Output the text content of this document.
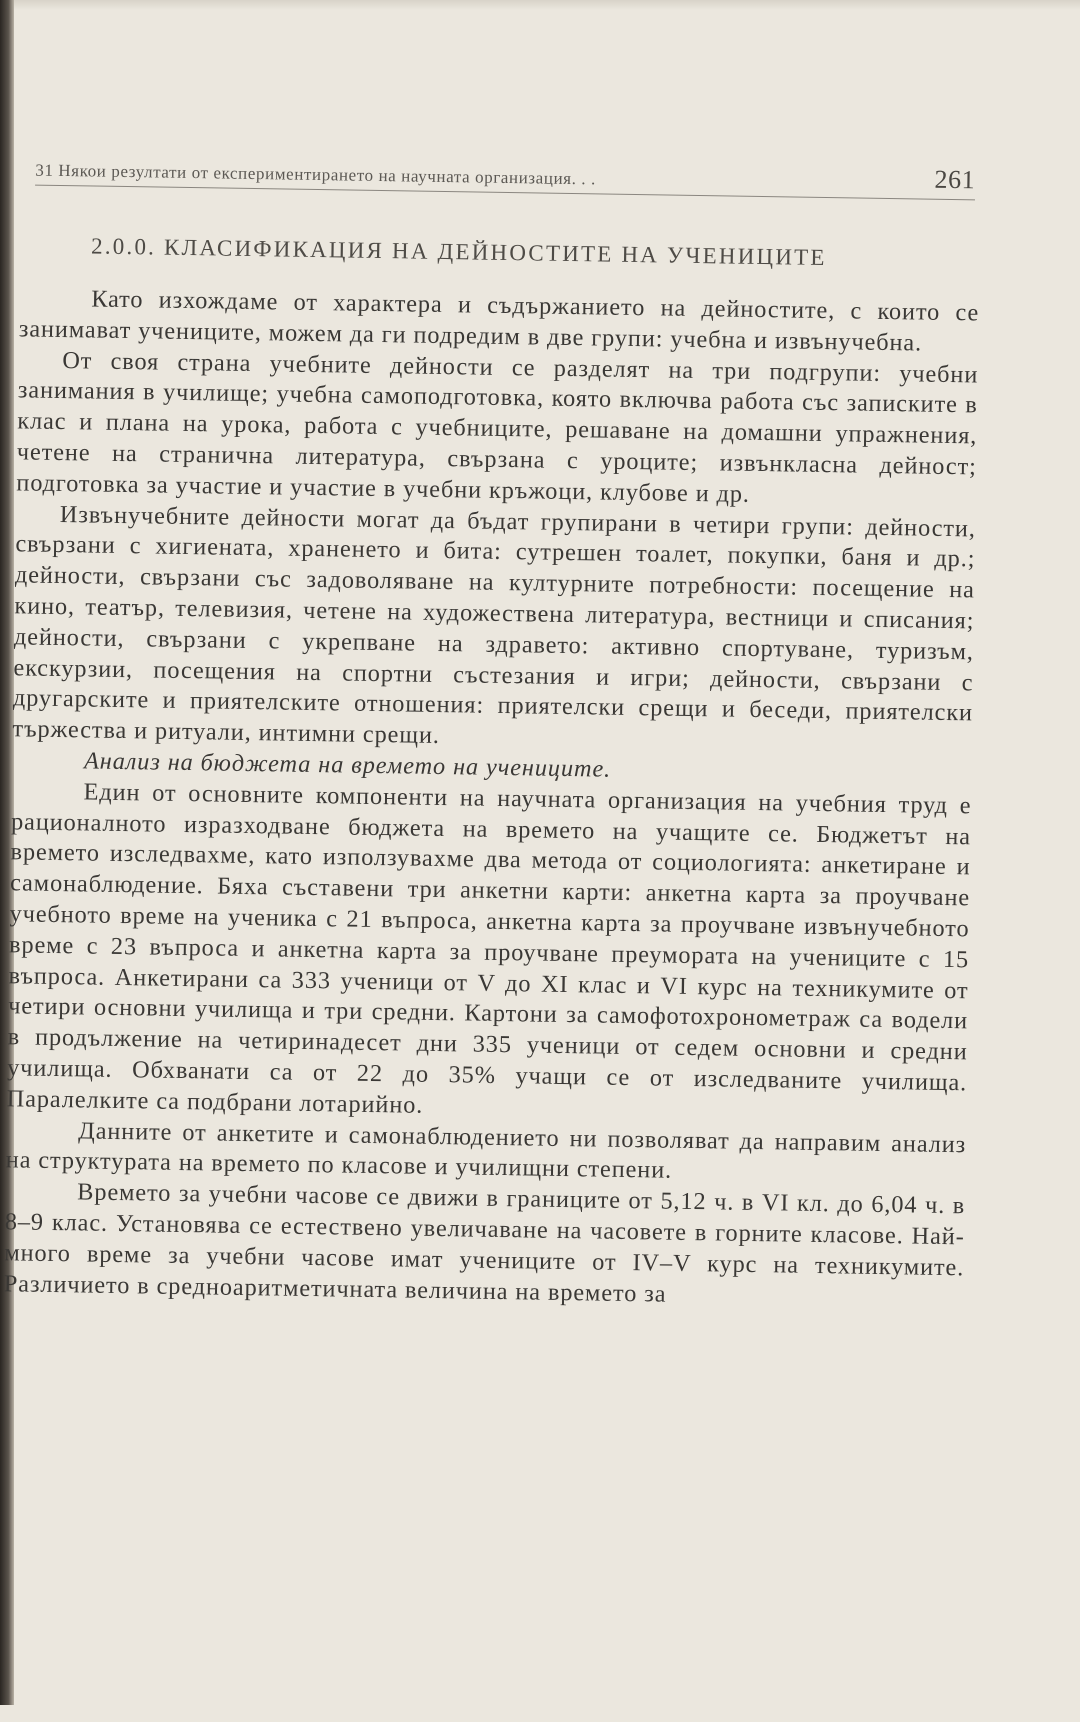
31 Някои резултати от експериментирането на научната организация. . .	261
2.0.0. КЛАСИФИКАЦИЯ НА ДЕЙНОСТИТЕ НА УЧЕНИЦИТЕ

Като изхождаме от характера и съдържанието на дейностите, с които се занимават учениците, можем да ги подредим в две групи: учебна и извънучебна.

От своя страна учебните дейности се разделят на три подгрупи: учебни занимания в училище; учебна самоподготовка, която включва работа със записките в клас и плана на урока, работа с учебниците, решаване на домашни упражнения, четене на странична литература, свързана с уроците; извънкласна дейност; подготовка за участие и участие в учебни кръжоци, клубове и др.

Извънучебните дейности могат да бъдат групирани в четири групи: дейности, свързани с хигиената, храненето и бита: сутрешен тоалет, покупки, баня и др.; дейности, свързани със задоволяване на културните потребности: посещение на кино, театър, телевизия, четене на художествена литература, вестници и списания; дейности, свързани с укрепване на здравето: активно спортуване, туризъм, екскурзии, посещения на спортни състезания и игри; дейности, свързани с другарските и приятелските отношения: приятелски срещи и беседи, приятелски тържества и ритуали, интимни срещи.

Анализ на бюджета на времето на учениците.

Един от основните компоненти на научната организация на учебния труд е рационалното изразходване бюджета на времето на учащите се. Бюджетът на времето изследвахме, като използувахме два метода от социологията: анкетиране и самонаблюдение. Бяха съставени три анкетни карти: анкетна карта за проучване учебното време на ученика с 21 въпроса, анкетна карта за проучване извънучебното време с 23 въпроса и анкетна карта за проучване преумората на учениците с 15 въпроса. Анкетирани са 333 ученици от V до XI клас и VI курс на техникумите от четири основни училища и три средни. Картони за самофотохронометраж са водели в продължение на четиринадесет дни 335 ученици от седем основни и средни училища. Обхванати са от 22 до 35% учащи се от изследваните училища. Паралелките са подбрани лотарийно.

Данните от анкетите и самонаблюдението ни позволяват да направим анализ на структурата на времето по класове и училищни степени.

Времето за учебни часове се движи в границите от 5,12 ч. в VI кл. до 6,04 ч. в 8–9 клас. Установява се естествено увеличаване на часовете в горните класове. Най-много време за учебни часове имат учениците от IV–V курс на техникумите. Различието в средноаритметичната величина на времето за
